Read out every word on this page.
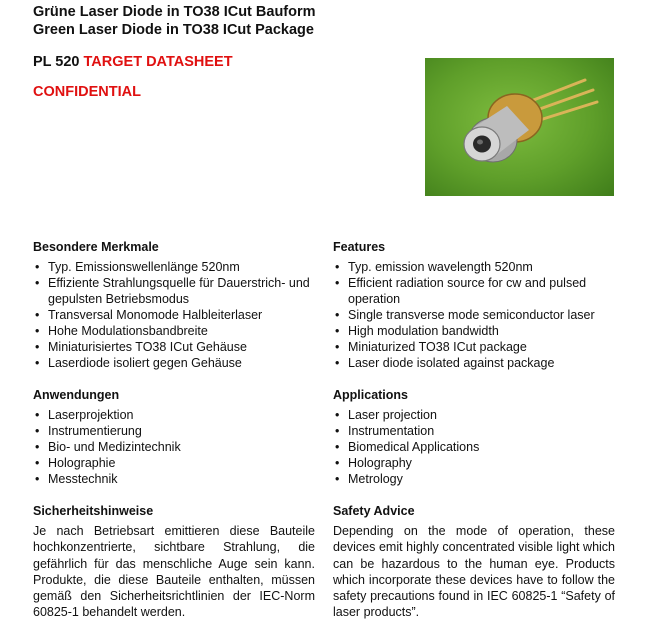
Grüne Laser Diode in TO38 ICut Bauform
Green Laser Diode in TO38 ICut Package
PL 520 TARGET DATASHEET
CONFIDENTIAL
Besondere Merkmale
• Typ. Emissionswellenlänge 520nm
• Effiziente Strahlungsquelle für Dauerstrich- und gepulsten Betriebsmodus
• Transversal Monomode Halbleiterlaser
• Hohe Modulationsbandbreite
• Miniaturisiertes TO38 ICut Gehäuse
• Laserdiode isoliert gegen Gehäuse
Anwendungen
• Laserprojektion
• Instrumentierung
• Bio- und Medizintechnik
• Holographie
• Messtechnik
Sicherheitshinweise

Je nach Betriebsart emittieren diese Bauteile hochkonzentrierte, sichtbare Strahlung, die gefährlich für das menschliche Auge sein kann. Produkte, die diese Bauteile enthalten, müssen gemäß den Sicherheitsrichtlinien der IEC-Norm 60825-1 behandelt werden.

Features
• Typ. emission wavelength 520nm
• Efficient radiation source for cw and pulsed operation
• Single transverse mode semiconductor laser
• High modulation bandwidth
• Miniaturized TO38 ICut package
• Laser diode isolated against package
Applications
• Laser projection
• Instrumentation
• Biomedical Applications
• Holography
• Metrology
Safety Advice

Depending on the mode of operation, these devices emit highly concentrated visible light which can be hazardous to the human eye. Products which incorporate these devices have to follow the safety precautions found in IEC 60825-1 “Safety of laser products”.
